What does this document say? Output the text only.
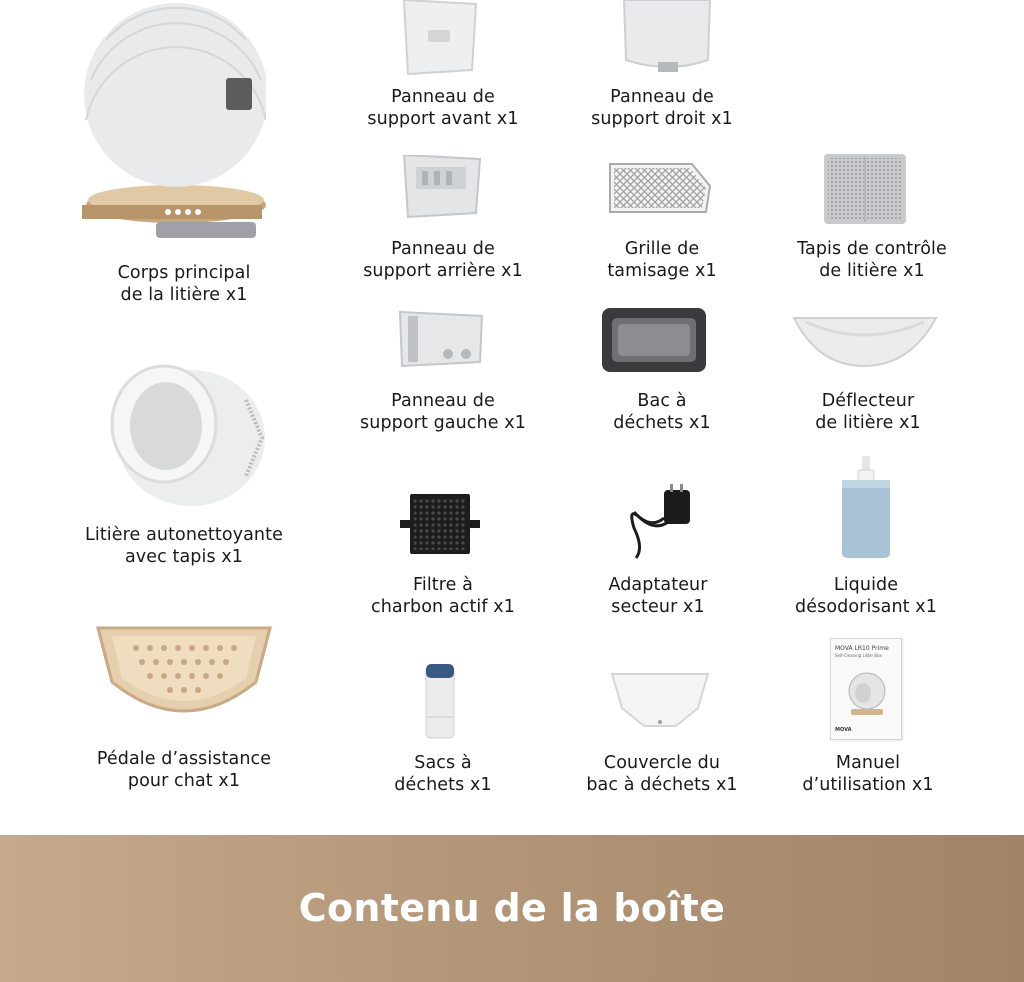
MOVA LR10 Prime
Self-Cleaning Litter Box
MOVA
Corps principal
de la litière x1
Litière autonettoyante
avec tapis x1
Pédale d’assistance
pour chat x1
Panneau de
support avant x1
Panneau de
support droit x1
Panneau de
support arrière x1
Grille de
tamisage x1
Tapis de contrôle
de litière x1
Panneau de
support gauche x1
Bac à
déchets x1
Déflecteur
de litière x1
Filtre à
charbon actif x1
Adaptateur
secteur x1
Liquide
désodorisant x1
Sacs à
déchets x1
Couvercle du
bac à déchets x1
Manuel
d’utilisation x1
Contenu de la boîte
